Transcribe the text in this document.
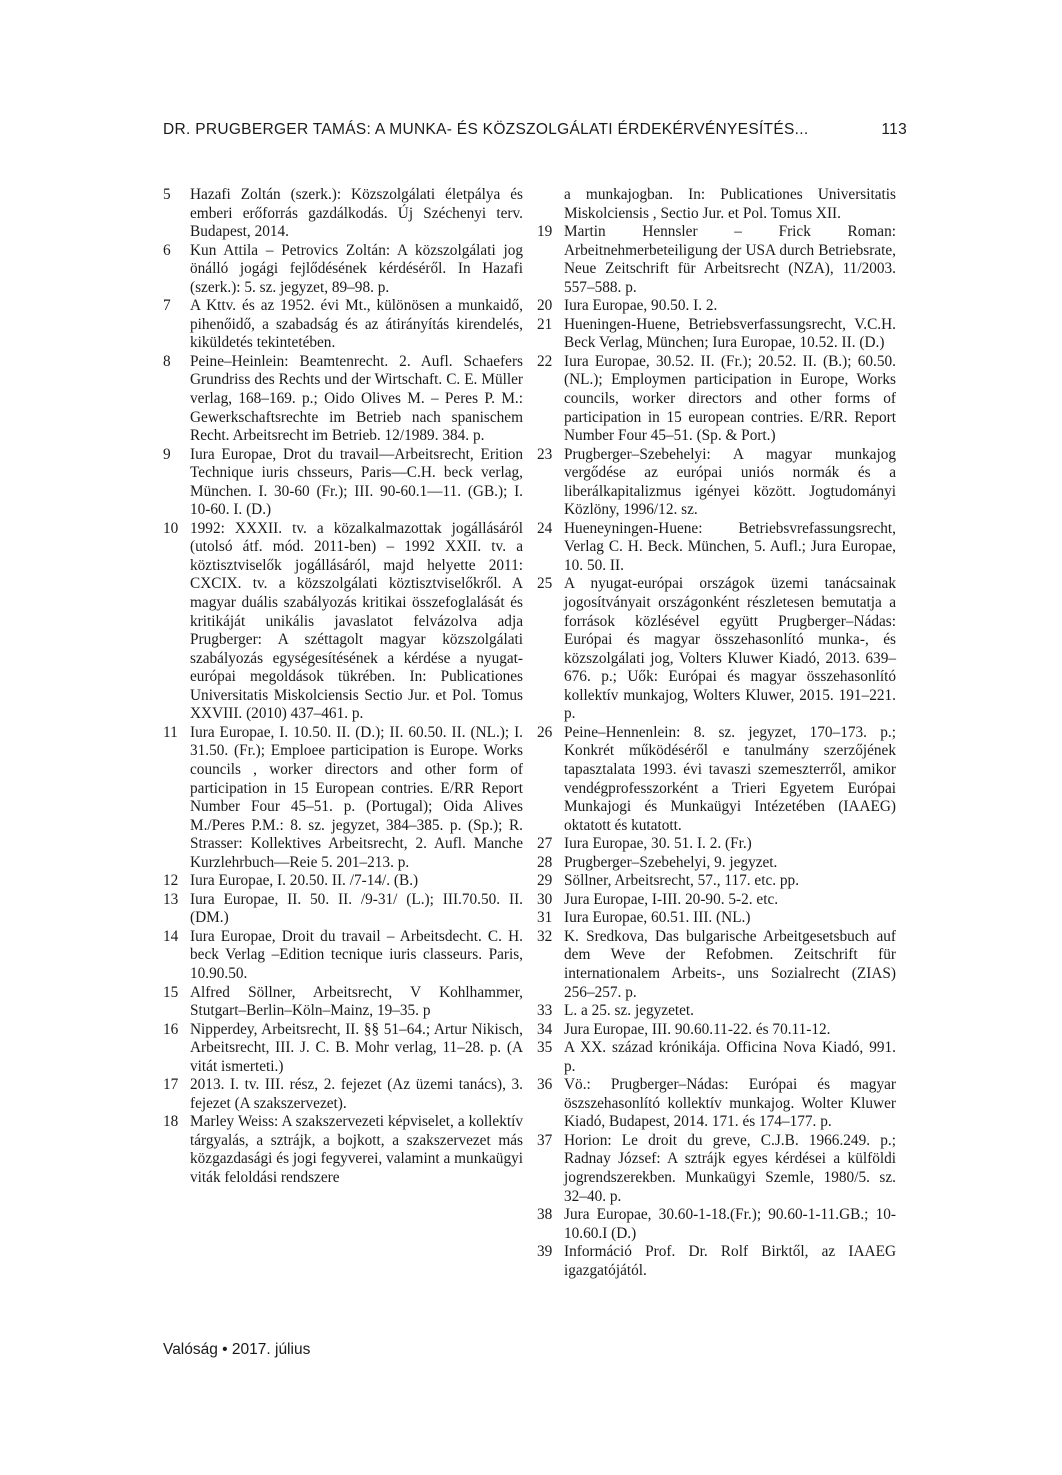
DR. PRUGBERGER TAMÁS: A MUNKA- ÉS KÖZSZOLGÁLATI ÉRDEKÉRVÉNYESÍTÉS...	113
5 Hazafi Zoltán (szerk.): Közszolgálati életpálya és emberi erőforrás gazdálkodás. Új Széchenyi terv. Budapest, 2014.
6 Kun Attila – Petrovics Zoltán: A közszolgálati jog önálló jogági fejlődésének kérdéséről. In Hazafi (szerk.): 5. sz. jegyzet, 89–98. p.
7 A Kttv. és az 1952. évi Mt., különösen a munkaidő, pihenőidő, a szabadság és az átirányítás kirendelés, kiküldetés tekintetében.
8 Peine–Heinlein: Beamtenrecht. 2. Aufl. Schaefers Grundriss des Rechts und der Wirtschaft. C. E. Müller verlag, 168–169. p.; Oido Olives M. – Peres P. M.: Gewerkschaftsrechte im Betrieb nach spanischem Recht. Arbeitsrecht im Betrieb. 12/1989. 384. p.
9 Iura Europae, Drot du travail—Arbeitsrecht, Erition Technique iuris chsseurs, Paris—C.H. beck verlag, München. I. 30-60 (Fr.); III. 90-60.1—11. (GB.); I. 10-60. I. (D.)
10 1992: XXXII. tv. a közalkalmazottak jogállásáról (utolsó átf. mód. 2011-ben) – 1992 XXII. tv. a köztisztviselők jogállásáról, majd helyette 2011: CXCIX. tv. a közszolgálati köztisztviselőkről. A magyar duális szabályozás kritikai összefoglalását és kritikáját unikális javaslatot felvázolva adja Prugberger: A széttagolt magyar közszolgálati szabályozás egységesítésének a kérdése a nyugat-európai megoldások tükrében. In: Publicationes Universitatis Miskolciensis Sectio Jur. et Pol. Tomus XXVIII. (2010) 437–461. p.
11 Iura Europae, I. 10.50. II. (D.); II. 60.50. II. (NL.); I. 31.50. (Fr.); Emploee participation is Europe. Works councils , worker directors and other form of participation in 15 European contries. E/RR Report Number Four 45–51. p. (Portugal); Oida Alives M./Peres P.M.: 8. sz. jegyzet, 384–385. p. (Sp.); R. Strasser: Kollektives Arbeitsrecht, 2. Aufl. Manche Kurzlehrbuch—Reie 5. 201–213. p.
12 Iura Europae, I. 20.50. II. /7-14/. (B.)
13 Iura Europae, II. 50. II. /9-31/ (L.); III.70.50. II. (DM.)
14 Iura Europae, Droit du travail – Arbeitsdecht. C. H. beck Verlag –Edition tecnique iuris classeurs. Paris, 10.90.50.
15 Alfred Söllner, Arbeitsrecht, V Kohlhammer, Stutgart–Berlin–Köln–Mainz, 19–35. p
16 Nipperdey, Arbeitsrecht, II. §§ 51–64.; Artur Nikisch, Arbeitsrecht, III. J. C. B. Mohr verlag, 11–28. p. (A vitát ismerteti.)
17 2013. I. tv. III. rész, 2. fejezet (Az üzemi tanács), 3. fejezet (A szakszervezet).
18 Marley Weiss: A szakszervezeti képviselet, a kollektív tárgyalás, a sztrájk, a bojkott, a szakszervezet más közgazdasági és jogi fegyverei, valamint a munkaügyi viták feloldási rendszere
a munkajogban. In: Publicationes Universitatis Miskolciensis , Sectio Jur. et Pol. Tomus XII.
19 Martin Hennsler – Frick Roman: Arbeitnehmerbeteiligung der USA durch Betriebsrate, Neue Zeitschrift für Arbeitsrecht (NZA), 11/2003. 557–588. p.
20 Iura Europae, 90.50. I. 2.
21 Hueningen-Huene, Betriebsverfassungsrecht, V.C.H. Beck Verlag, München; Iura Europae, 10.52. II. (D.)
22 Iura Europae, 30.52. II. (Fr.); 20.52. II. (B.); 60.50. (NL.); Employmen participation in Europe, Works councils, worker directors and other forms of participation in 15 european contries. E/RR. Report Number Four 45–51. (Sp. & Port.)
23 Prugberger–Szebehelyi: A magyar munkajog vergődése az európai uniós normák és a liberálkapitalizmus igényei között. Jogtudományi Közlöny, 1996/12. sz.
24 Hueneyningen-Huene: Betriebsvrefassungsrecht, Verlag C. H. Beck. München, 5. Aufl.; Jura Europae, 10. 50. II.
25 A nyugat-európai országok üzemi tanácsainak jogosítványait országonként részletesen bemutatja a források közlésével együtt Prugberger–Nádas: Európai és magyar összehasonlító munka-, és közszolgálati jog, Volters Kluwer Kiadó, 2013. 639–676. p.; Uők: Európai és magyar összehasonlító kollektív munkajog, Wolters Kluwer, 2015. 191–221. p.
26 Peine–Hennenlein: 8. sz. jegyzet, 170–173. p.; Konkrét működéséről e tanulmány szerzőjének tapasztalata 1993. évi tavaszi szemeszterről, amikor vendégprofesszorként a Trieri Egyetem Európai Munkajogi és Munkaügyi Intézetében (IAAEG) oktatott és kutatott.
27 Iura Europae, 30. 51. I. 2. (Fr.)
28 Prugberger–Szebehelyi, 9. jegyzet.
29 Söllner, Arbeitsrecht, 57., 117. etc. pp.
30 Jura Europae, I-III. 20-90. 5-2. etc.
31 Iura Europae, 60.51. III. (NL.)
32 K. Sredkova, Das bulgarische Arbeitgesetsbuch auf dem Weve der Refobmen. Zeitschrift für internationalem Arbeits-, uns Sozialrecht (ZIAS) 256–257. p.
33 L. a 25. sz. jegyzetet.
34 Jura Europae, III. 90.60.11-22. és 70.11-12.
35 A XX. század krónikája. Officina Nova Kiadó, 991. p.
36 Vö.: Prugberger–Nádas: Európai és magyar öszszehasonlító kollektív munkajog. Wolter Kluwer Kiadó, Budapest, 2014. 171. és 174–177. p.
37 Horion: Le droit du greve, C.J.B. 1966.249. p.; Radnay József: A sztrájk egyes kérdései a külföldi jogrendszerekben. Munkaügyi Szemle, 1980/5. sz. 32–40. p.
38 Jura Europae, 30.60-1-18.(Fr.); 90.60-1-11.GB.; 10-10.60.I (D.)
39 Információ Prof. Dr. Rolf Birktől, az IAAEG igazgatójától.
Valóság • 2017. július
